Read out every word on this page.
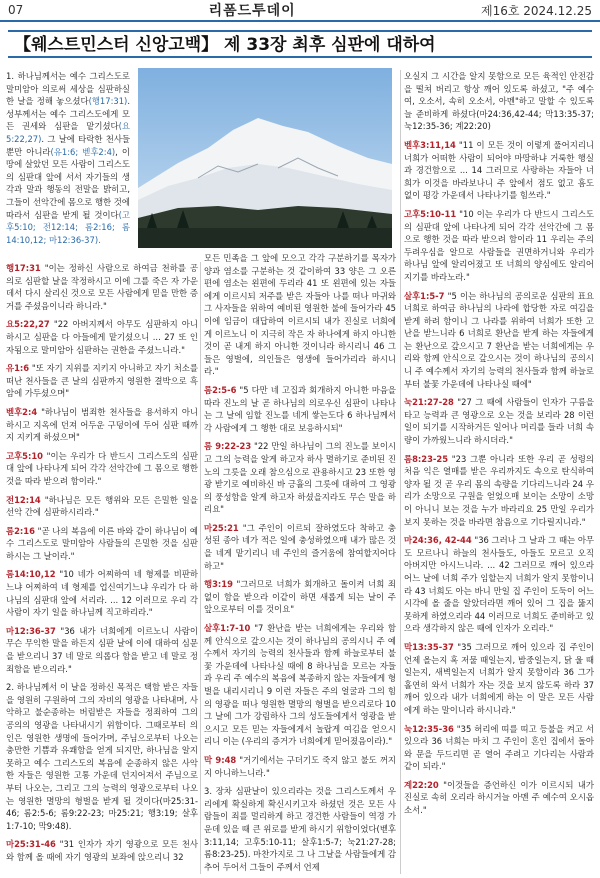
07	리폼드투데이	제16호 2024.12.25
【웨스트민스터 신앙고백】 제 33장 최후 심판에 대하여

1. 하나님께서는 예수 그리스도로 말미암아 의로써 세상을 심판하실 한 날을 정해 놓으셨다(행17:31). 성부께서는 예수 그리스도에게 모든 권세와 심판을 맡기셨다(요5:22,27). 그 날에 타락한 천사들뿐만 아니라(유1:6; 벧후2:4), 이 땅에 살았던 모든 사람이 그리스도의 심판대 앞에 서서 자기들의 생각과 말과 행동의 전말을 밝히고, 그들이 선악간에 몸으로 행한 것에 따라서 심판을 받게 될 것이다(고후5:10; 전12:14; 롬2:16; 롬14:10,12; 마12:36-37).

행17:31 "이는 정하신 사람으로 하여금 천하를 공의로 심판할 날을 작정하시고 이에 그를 죽은 자 가운데서 다시 살리신 것으로 모든 사람에게 믿을 만한 증거를 주셨음이니라 하니라."

요5:22,27 "22 아버지께서 아무도 심판하지 아니하시고 심판을 다 아들에게 맡기셨으니 ... 27 또 인자됨으로 말미암아 심판하는 권한을 주셨느니라."

유1:6 "또 자기 지위를 지키지 아니하고 자기 처소를 떠난 천사들을 큰 날의 심판까지 영원한 결박으로 흑암에 가두셨으며"

벧후2:4 "하나님이 범죄한 천사들을 용서하지 아니하시고 지옥에 던져 어두운 구덩이에 두어 심판 때까지 지키게 하셨으며"

고후5:10 "이는 우리가 다 반드시 그리스도의 심판대 앞에 나타나게 되어 각각 선악간에 그 몸으로 행한 것을 따라 받으려 함이라."

전12:14 "하나님은 모든 행위와 모든 은밀한 일을 선악 간에 심판하시리라."

롬2:16 "곧 나의 복음에 이른 바와 같이 하나님이 예수 그리스도로 말미암아 사람들의 은밀한 것을 심판하시는 그 날이라."

롬14:10,12 "10 네가 어찌하여 네 형제를 비판하느냐 어찌하여 네 형제를 업신여기느냐 우리가 다 하나님의 심판대 앞에 서리라. ... 12 이러므로 우리 각 사람이 자기 일을 하나님께 직고하리라."

마12:36-37 "36 내가 너희에게 이르노니 사람이 무슨 무익한 말을 하든지 심판 날에 이에 대하여 심문을 받으리니 37 네 말로 의롭다 함을 받고 네 말로 정죄함을 받으리라."

2. 하나님께서 이 날을 정하신 목적은 택함 받은 자들을 영원히 구원하여 그의 자비의 영광을 나타내며, 사악하고 불순종하는 버림받은 자들을 정죄하여 그의 공의의 영광을 나타내시기 위함이다. 그때로부터 의인은 영원한 생명에 들어가며, 주님으로부터 나오는 충만한 기쁨과 유쾌함을 얻게 되지만, 하나님을 알지 못하고 예수 그리스도의 복음에 순종하지 않은 사악한 자들은 영원한 고통 가운데 던지어져서 주님으로부터 나오는, 그리고 그의 능력의 영광으로부터 나오는 영원한 멸망의 형벌을 받게 될 것이다(마25:31-46; 롬2:5-6; 롬9:22-23; 마25:21; 행3:19; 살후1:7-10; 막9:48).

마25:31-46 "31 인자가 자기 영광으로 모든 천사와 함께 올 때에 자기 영광의 보좌에 앉으리니 32

모든 민족을 그 앞에 모으고 각각 구분하기를 목자가 양과 염소를 구분하는 것 같이하여 33 양은 그 오른편에 염소는 왼편에 두리라 41 또 왼편에 있는 자들에게 이르시되 저주를 받은 자들아 나를 떠나 마귀와 그 사자들을 위하여 예비된 영원한 불에 들어가라 45 이에 임금이 대답하여 이르시되 내가 진실로 너희에게 이르노니 이 지극히 작은 자 하나에게 하지 아니한 것이 곧 내게 하지 아니한 것이니라 하시리니 46 그들은 영벌에, 의인들은 영생에 들어가리라 하시니라."

롬2:5-6 "5 다만 네 고집과 회개하지 아니한 마음을 따라 진노의 날 곧 하나님의 의로우신 심판이 나타나는 그 날에 임할 진노를 네게 쌓는도다 6 하나님께서 각 사람에게 그 행한 대로 보응하시되"

롬 9:22-23 "22 만일 하나님이 그의 진노를 보이시고 그의 능력을 알게 하고자 하사 멸하기로 준비된 진노의 그릇을 오래 참으심으로 관용하시고 23 또한 영광 받기로 예비하신 바 긍휼의 그릇에 대하여 그 영광의 풍성함을 알게 하고자 하셨을지라도 무슨 말을 하리요"

마25:21 "그 주인이 이르되 잘하였도다 착하고 충성된 종아 네가 적은 일에 충성하였으매 내가 많은 것을 네게 맡기리니 네 주인의 즐거움에 참여할지어다 하고"

행3:19 "그러므로 너희가 회개하고 돌이켜 너희 죄 없이 함을 받으라 이같이 하면 새롭게 되는 날이 주 앞으로부터 이를 것이요"

살후1:7-10 "7 환난을 받는 너희에게는 우리와 함께 안식으로 갚으시는 것이 하나님의 공의시니 주 예수께서 자기의 능력의 천사들과 함께 하늘로부터 불꽃 가운데에 나타나실 때에 8 하나님을 모르는 자들과 우리 주 예수의 복음에 복종하지 않는 자들에게 형벌을 내리시리니 9 이런 자들은 주의 얼굴과 그의 힘의 영광을 떠나 영원한 멸망의 형벌을 받으리로다 10 그 날에 그가 강림하사 그의 성도들에게서 영광을 받으시고 모든 믿는 자들에게서 놀랍게 여김을 얻으시리니 이는 (우리의 증거가 너희에게 믿어졌음이라)."

막 9:48 "거기에서는 구더기도 죽지 않고 불도 꺼지지 아니하느니라."

3. 장차 심판날이 있으리라는 것을 그리스도께서 우리에게 확실하게 확신시키고자 하셨던 것은 모든 사람들이 죄를 멀리하게 하고 경건한 사람들이 역경 가운데 있을 때 큰 위로를 받게 하시기 위함이었다(벧후3:11,14; 고후5:10-11; 살후1:5-7; 눅21:27-28; 롬8:23-25). 마찬가지로 그 나 그날을 사람들에게 감추어 두어서 그들이 주께서 언제

오실지 그 시간을 알지 못함으로 모든 육적인 안전감을 떨쳐 버리고 항상 깨어 있도록 하셨고, "주 예수여, 오소서, 속히 오소서, 아멘"하고 말할 수 있도록 늘 준비하게 하셨다(마24:36,42-44; 막13:35-37; 눅12:35-36; 계22:20)

벧후3:11,14 "11 이 모든 것이 이렇게 풀어지리니 너희가 어떠한 사람이 되어야 마땅하냐 거룩한 행실과 경건함으로 ... 14 그러므로 사랑하는 자들아 너희가 이것을 바라보나니 주 앞에서 점도 없고 흠도 없이 평강 가운데서 나타나기를 힘쓰라."

고후5:10-11 "10 이는 우리가 다 반드시 그리스도의 심판대 앞에 나타나게 되어 각각 선악간에 그 몸으로 행한 것을 따라 받으려 함이라 11 우리는 주의 두려우심을 알므로 사람들을 권면하거니와 우리가 하나님 앞에 알리어졌고 또 너희의 양심에도 알리어지기를 바라노라."

살후1:5-7 "5 이는 하나님의 공의로운 심판의 표요 너희로 하여금 하나님의 나라에 합당한 자로 여김을 받게 하려 함이니 그 나라를 위하여 너희가 또한 고난을 받느니라 6 너희로 환난을 받게 하는 자들에게는 환난으로 갚으시고 7 환난을 받는 너희에게는 우리와 함께 안식으로 갚으시는 것이 하나님의 공의시니 주 예수께서 자기의 능력의 천사들과 함께 하늘로부터 불꽃 가운데에 나타나실 때에"

눅21:27-28 "27 그 때에 사람들이 인자가 구름을 타고 능력과 큰 영광으로 오는 것을 보리라 28 이런 일이 되기를 시작하거든 일어나 머리를 들라 너희 속량이 가까웠느니라 하시더라."

롬8:23-25 "23 그뿐 아니라 또한 우리 곧 성령의 처음 익은 열매를 받은 우리까지도 속으로 탄식하여 양자 될 것 곧 우리 몸의 속량을 기다리느니라 24 우리가 소망으로 구원을 얻었으매 보이는 소망이 소망이 아니니 보는 것을 누가 바라리요 25 만일 우리가 보지 못하는 것을 바라면 참음으로 기다릴지니라."

마24:36, 42-44 "36 그러나 그 날과 그 때는 아무도 모르나니 하늘의 천사들도, 아들도 모르고 오직 아버지만 아시느니라. ... 42 그러므로 깨어 있으라 어느 날에 너희 주가 임할는지 너희가 알지 못함이니라 43 너희도 아는 바니 만일 집 주인이 도둑이 어느 시각에 올 줄을 알았더라면 깨어 있어 그 집을 뚫지 못하게 하였으리라 44 이러므로 너희도 준비하고 있으라 생각하지 않은 때에 인자가 오리라."

막13:35-37 "35 그러므로 깨어 있으라 집 주인이 언제 올는지 혹 저물 때일는지, 밤중일는지, 닭 울 때일는지, 새벽일는지 너희가 알지 못함이라 36 그가 홀연히 와서 너희가 자는 것을 보지 않도록 하라 37 깨어 있으라 내가 너희에게 하는 이 말은 모든 사람에게 하는 말이니라 하시니라."

눅12:35-36 "35 허리에 띠를 띠고 등불을 켜고 서 있으라 36 너희는 마치 그 주인이 혼인 집에서 돌아와 문을 두드리면 곧 열어 주려고 기다리는 사람과 같이 되라."

계22:20 "이것들을 증언하신 이가 이르시되 내가 진실로 속히 오리라 하시거늘 아멘 주 예수여 오시옵소서."
